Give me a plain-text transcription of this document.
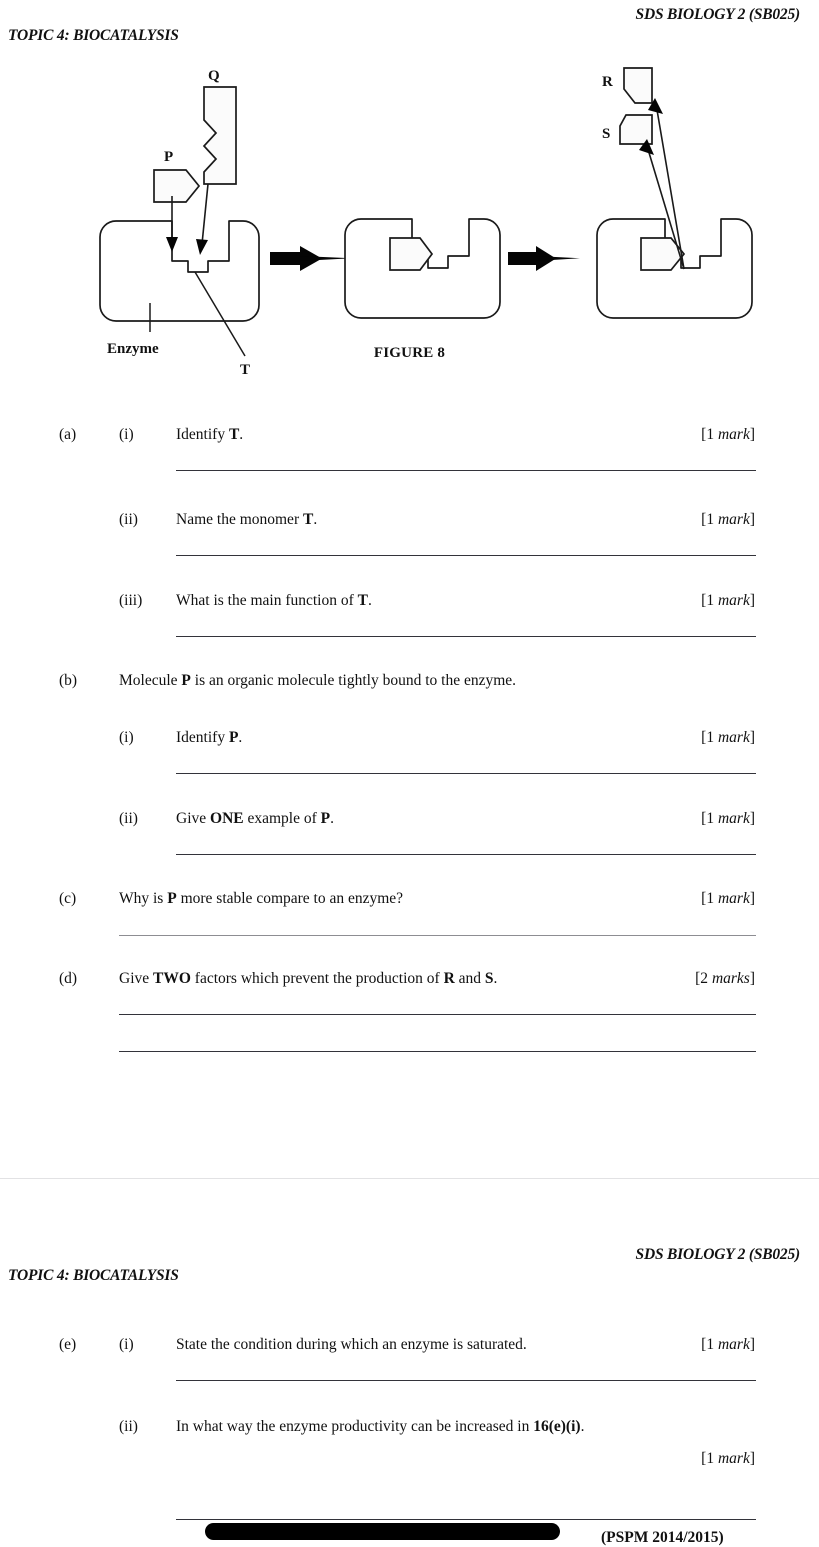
SDS BIOLOGY 2 (SB025)
TOPIC 4: BIOCATALYSIS
Q
P
Enzyme
T
R
S
FIGURE 8
(a)	(i)	Identify T.	[1 mark]
(ii) Name the monomer T.	[1 mark]
(iii) What is the main function of T.	[1 mark]
(b)	Molecule P is an organic molecule tightly bound to the enzyme.
(i)	Identify P.	[1 mark]
(ii) Give ONE example of P.	[1 mark]
(c)	Why is P more stable compare to an enzyme?	[1 mark]
(d)	Give TWO factors which prevent the production of R and S.	[2 marks]
SDS BIOLOGY 2 (SB025)
TOPIC 4: BIOCATALYSIS
(e)	(i)	State the condition during which an enzyme is saturated.	[1 mark]
(ii) In what way the enzyme productivity can be increased in 16(e)(i).
[1 mark]
(PSPM 2014/2015)
